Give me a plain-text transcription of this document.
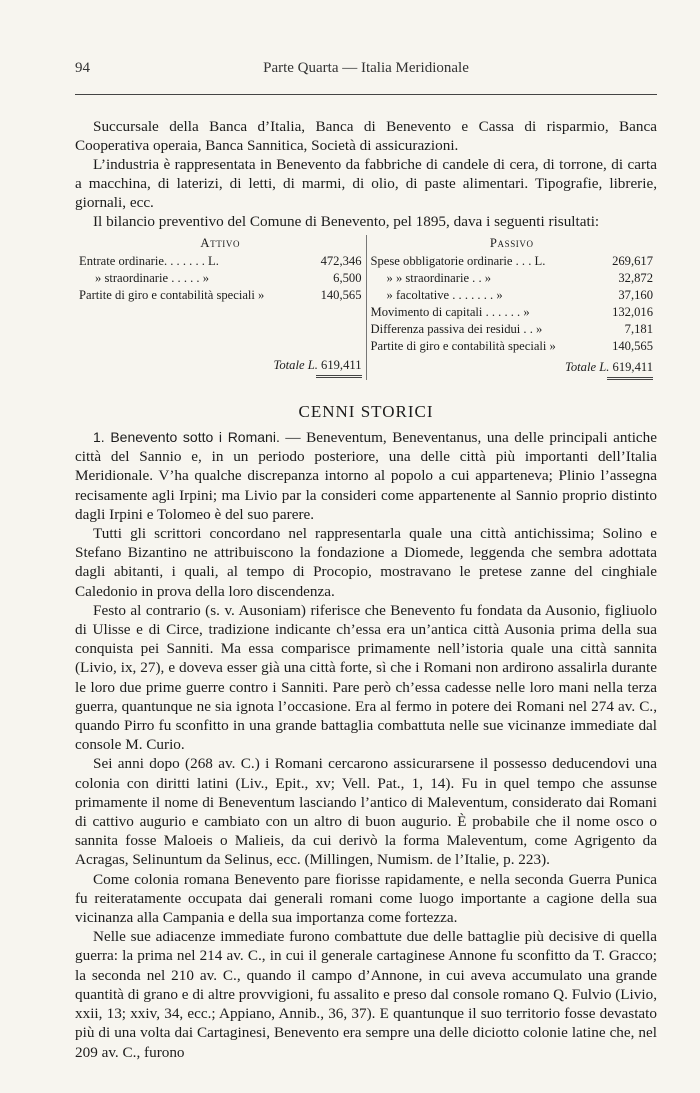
94	Parte Quarta — Italia Meridionale

Succursale della Banca d’Italia, Banca di Benevento e Cassa di risparmio, Banca Cooperativa operaia, Banca Sannitica, Società di assicurazioni.

L’industria è rappresentata in Benevento da fabbriche di candele di cera, di torrone, di carta a macchina, di laterizi, di letti, di marmi, di olio, di paste alimentari. Tipografie, librerie, giornali, ecc.

Il bilancio preventivo del Comune di Benevento, pel 1895, dava i seguenti risultati:

Attivo
Entrate ordinarie. . . . . . . L.	472,346
» straordinarie . . . . . »	6,500
Partite di giro e contabilità speciali »	140,565
Totale L. 619,411
Passivo
Spese obbligatorie ordinarie . . . L.	269,617
» » straordinarie . . »	32,872
» facoltative . . . . . . . »	37,160
Movimento di capitali . . . . . . »	132,016
Differenza passiva dei residui . . »	7,181
Partite di giro e contabilità speciali »	140,565
Totale L. 619,411
CENNI STORICI

1. Benevento sotto i Romani. — Beneventum, Beneventanus, una delle principali antiche città del Sannio e, in un periodo posteriore, una delle città più importanti dell’Italia Meridionale. V’ha qualche discrepanza intorno al popolo a cui apparteneva; Plinio l’assegna recisamente agli Irpini; ma Livio par la consideri come appartenente al Sannio proprio distinto dagli Irpini e Tolomeo è del suo parere.

Tutti gli scrittori concordano nel rappresentarla quale una città antichissima; Solino e Stefano Bizantino ne attribuiscono la fondazione a Diomede, leggenda che sembra adottata dagli abitanti, i quali, al tempo di Procopio, mostravano le pretese zanne del cinghiale Caledonio in prova della loro discendenza.

Festo al contrario (s. v. Ausoniam) riferisce che Benevento fu fondata da Ausonio, figliuolo di Ulisse e di Circe, tradizione indicante ch’essa era un’antica città Ausonia prima della sua conquista pei Sanniti. Ma essa comparisce primamente nell’istoria quale una città sannita (Livio, ix, 27), e doveva esser già una città forte, sì che i Romani non ardirono assalirla durante le loro due prime guerre contro i Sanniti. Pare però ch’essa cadesse nelle loro mani nella terza guerra, quantunque ne sia ignota l’occasione. Era al fermo in potere dei Romani nel 274 av. C., quando Pirro fu sconfitto in una grande battaglia combattuta nelle sue vicinanze immediate dal console M. Curio.

Sei anni dopo (268 av. C.) i Romani cercarono assicurarsene il possesso deducendovi una colonia con diritti latini (Liv., Epit., xv; Vell. Pat., 1, 14). Fu in quel tempo che assunse primamente il nome di Beneventum lasciando l’antico di Maleventum, considerato dai Romani di cattivo augurio e cambiato con un altro di buon augurio. È probabile che il nome osco o sannita fosse Maloeis o Malieis, da cui derivò la forma Maleventum, come Agrigento da Acragas, Selinuntum da Selinus, ecc. (Millingen, Numism. de l’Italie, p. 223).

Come colonia romana Benevento pare fiorisse rapidamente, e nella seconda Guerra Punica fu reiteratamente occupata dai generali romani come luogo importante a cagione della sua vicinanza alla Campania e della sua importanza come fortezza.

Nelle sue adiacenze immediate furono combattute due delle battaglie più decisive di quella guerra: la prima nel 214 av. C., in cui il generale cartaginese Annone fu sconfitto da T. Gracco; la seconda nel 210 av. C., quando il campo d’Annone, in cui aveva accumulato una grande quantità di grano e di altre provvigioni, fu assalito e preso dal console romano Q. Fulvio (Livio, xxii, 13; xxiv, 34, ecc.; Appiano, Annib., 36, 37). E quantunque il suo territorio fosse devastato più di una volta dai Cartaginesi, Benevento era sempre una delle diciotto colonie latine che, nel 209 av. C., furono
